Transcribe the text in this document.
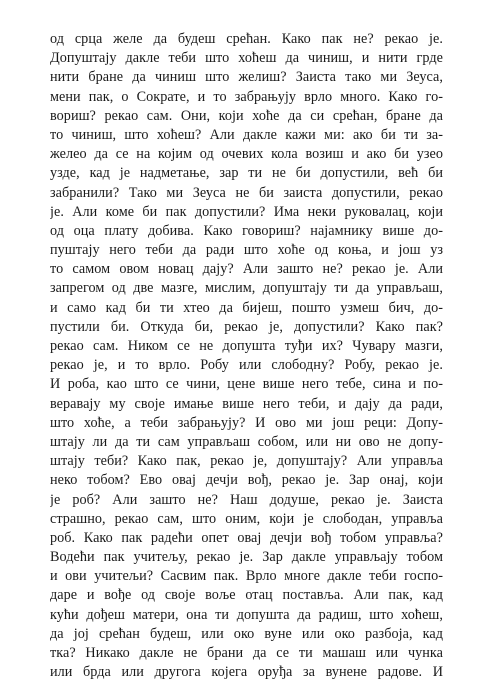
од срца желе да будеш срећан. Како пак не? рекао је.
Допуштају дакле теби што хоћеш да чиниш, и нити грде
нити бране да чиниш што желиш? Заиста тако ми Зеуса,
мени пак, о Сократе, и то забрањују врло много. Како го-
вориш? рекао сам. Они, који хоће да си срећан, бране да
то чиниш, што хоћеш? Али дакле кажи ми: ако би ти за-
желео да се на којим од очевих кола возиш и ако би узео
узде, кад је надметање, зар ти не би допустили, већ би
забранили? Тако ми Зеуса не би заиста допустили, рекао
је. Али коме би пак допустили? Има неки руковалац, који
од оца плату добива. Како говориш? најамнику више до-
пуштају него теби да ради што хоће од коња, и још уз
то самом овом новац дају? Али зашто не? рекао је. Али
запрегом од две мазге, мислим, допуштају ти да управљаш,
и само кад би ти хтео да бијеш, пошто узмеш бич, до-
пустили би. Откуда би, рекао је, допустили? Како пак?
рекао сам. Ником се не допушта туђи их? Чувару мазги,
рекао је, и то врло. Робу или слободну? Робу, рекао је.
И роба, као што се чини, цене више него тебе, сина и по-
веравају му своје имање више него теби, и дају да ради,
што хоће, а теби забрањују? И ово ми још реци: Допу-
штају ли да ти сам управљаш собом, или ни ово не допу-
штају теби? Како пак, рекао је, допуштају? Али управља
неко тобом? Ево овај дечји вођ, рекао је. Зар онај, који
је роб? Али зашто не? Наш додуше, рекао је. Заиста
страшно, рекао сам, што оним, који је слободан, управља
роб. Како пак радећи опет овај дечји вођ тобом управља?
Водећи пак учитељу, рекао је. Зар дакле управљају тобом
и ови учитељи? Сасвим пак. Врло многе дакле теби госпо-
даре и вође од своје воље отац поставља. Али пак, кад
кући дођеш матери, она ти допушта да радиш, што хоћеш,
да јој срећан будеш, или око вуне или око разбоја, кад
тка? Никако дакле не брани да се ти машаш или чунка
или брда или другога којега оруђа за вунене радове. И
